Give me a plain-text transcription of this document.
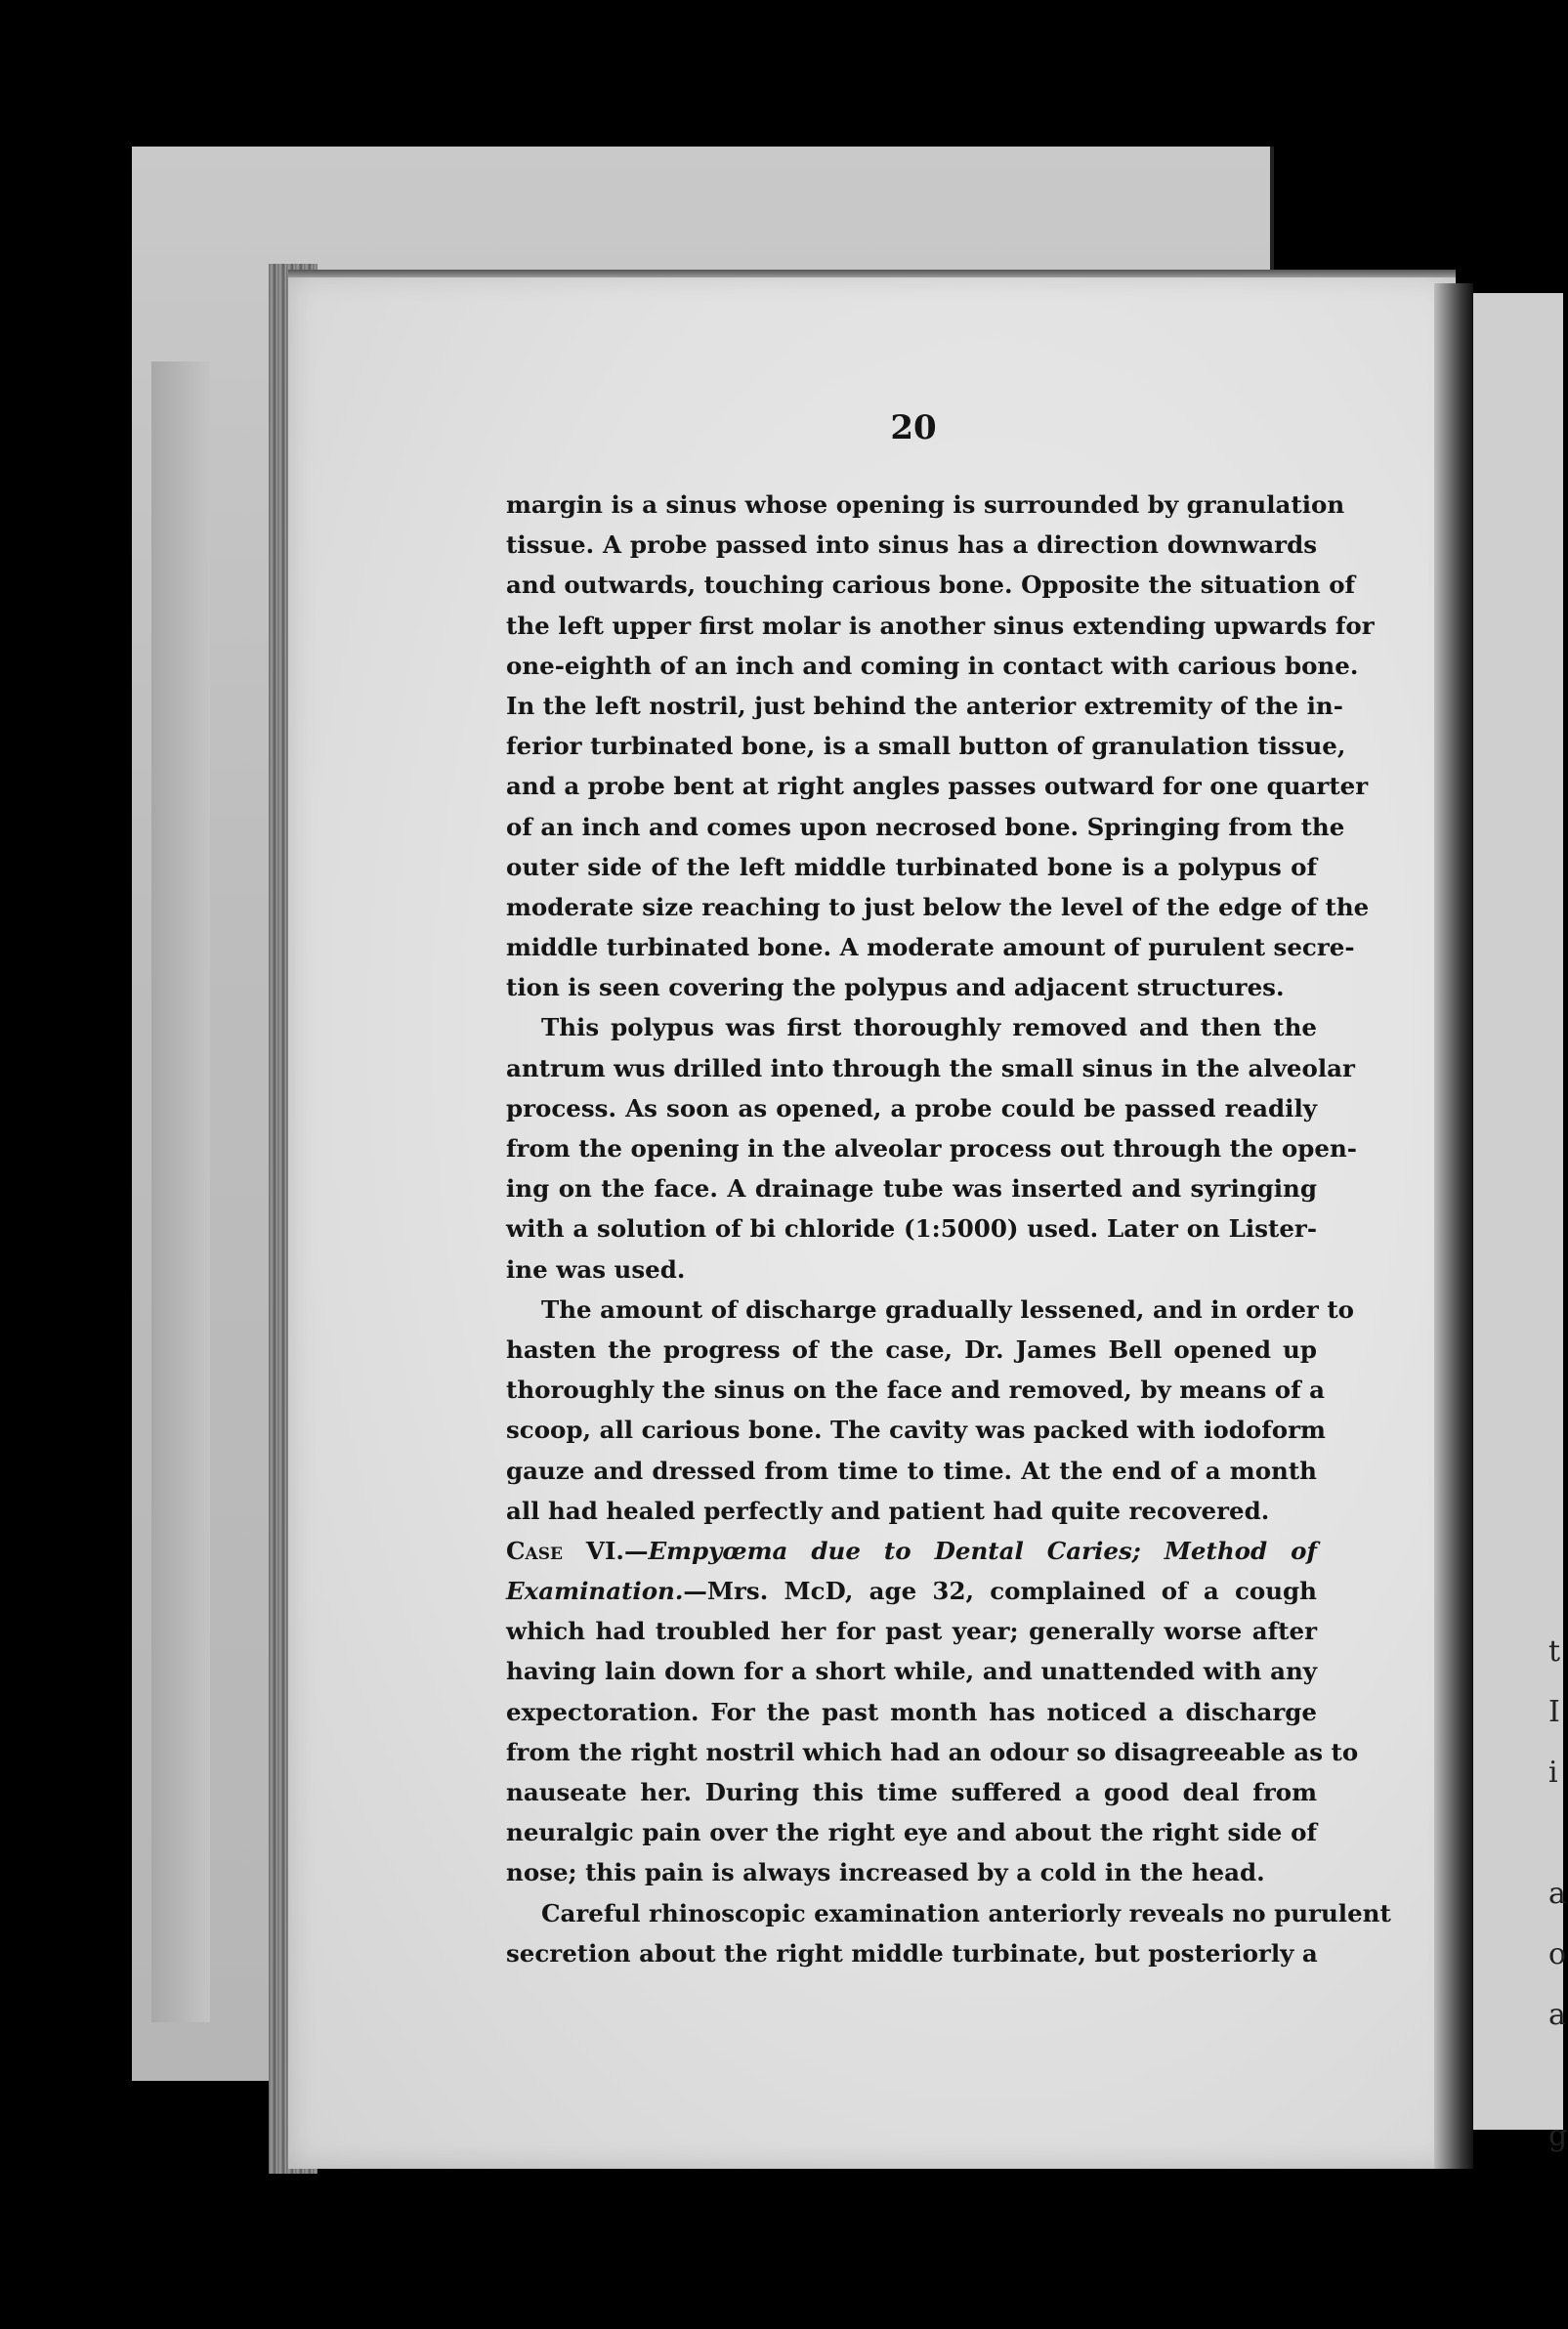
t
I
i
a
o
a
g
20
margin is a sinus whose opening is surrounded by granulation
tissue. A probe passed into sinus has a direction downwards
and outwards, touching carious bone. Opposite the situation of
the left upper first molar is another sinus extending upwards for
one-eighth of an inch and coming in contact with carious bone.
In the left nostril, just behind the anterior extremity of the in-
ferior turbinated bone, is a small button of granulation tissue,
and a probe bent at right angles passes outward for one quarter
of an inch and comes upon necrosed bone. Springing from the
outer side of the left middle turbinated bone is a polypus of
moderate size reaching to just below the level of the edge of the
middle turbinated bone. A moderate amount of purulent secre-
tion is seen covering the polypus and adjacent structures.
This polypus was first thoroughly removed and then the
antrum wus drilled into through the small sinus in the alveolar
process. As soon as opened, a probe could be passed readily
from the opening in the alveolar process out through the open-
ing on the face. A drainage tube was inserted and syringing
with a solution of bi chloride (1:5000) used. Later on Lister-
ine was used.
The amount of discharge gradually lessened, and in order to
hasten the progress of the case, Dr. James Bell opened up
thoroughly the sinus on the face and removed, by means of a
scoop, all carious bone. The cavity was packed with iodoform
gauze and dressed from time to time. At the end of a month
all had healed perfectly and patient had quite recovered.
Case VI.—Empyœma due to Dental Caries; Method of
Examination.—Mrs. McD, age 32, complained of a cough
which had troubled her for past year; generally worse after
having lain down for a short while, and unattended with any
expectoration. For the past month has noticed a discharge
from the right nostril which had an odour so disagreeable as to
nauseate her. During this time suffered a good deal from
neuralgic pain over the right eye and about the right side of
nose; this pain is always increased by a cold in the head.
Careful rhinoscopic examination anteriorly reveals no purulent
secretion about the right middle turbinate, but posteriorly a
